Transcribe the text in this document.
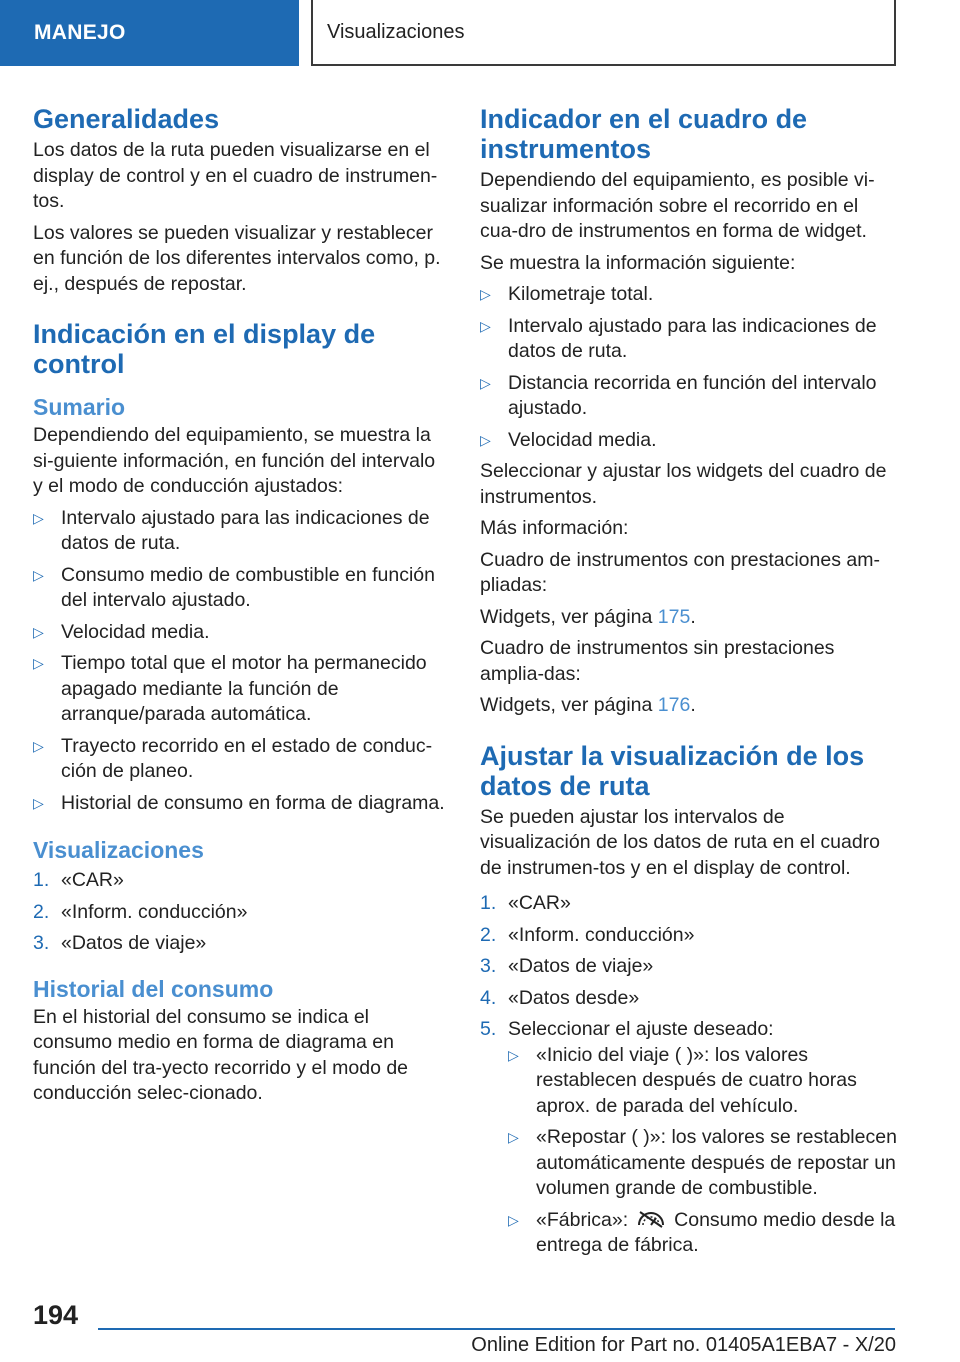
MANEJO	Visualizaciones
Generalidades

Los datos de la ruta pueden visualizarse en el display de control y en el cuadro de instrumen‐tos.

Los valores se pueden visualizar y restablecer en función de los diferentes intervalos como, p. ej., después de repostar.

Indicación en el display de control
Sumario

Dependiendo del equipamiento, se muestra la si‐guiente información, en función del intervalo y el modo de conducción ajustados:

▷ Intervalo ajustado para las indicaciones de datos de ruta.
▷ Consumo medio de combustible en función del intervalo ajustado.
▷ Velocidad media.
▷ Tiempo total que el motor ha permanecido apagado mediante la función de arranque/parada automática.
▷ Trayecto recorrido en el estado de conduc‐ción de planeo.
▷ Historial de consumo en forma de diagrama.
Visualizaciones
1. «CAR»
2. «Inform. conducción»
3. «Datos de viaje»
Historial del consumo

En el historial del consumo se indica el consumo medio en forma de diagrama en función del tra‐yecto recorrido y el modo de conducción selec‐cionado.

Indicador en el cuadro de instrumentos

Dependiendo del equipamiento, es posible vi‐sualizar información sobre el recorrido en el cua‐dro de instrumentos en forma de widget.

Se muestra la información siguiente:

▷ Kilometraje total.
▷ Intervalo ajustado para las indicaciones de datos de ruta.
▷ Distancia recorrida en función del intervalo ajustado.
▷ Velocidad media.

Seleccionar y ajustar los widgets del cuadro de instrumentos.

Más información:

Cuadro de instrumentos con prestaciones am‐pliadas:

Widgets, ver página 175.

Cuadro de instrumentos sin prestaciones amplia‐das:

Widgets, ver página 176.

Ajustar la visualización de los datos de ruta

Se pueden ajustar los intervalos de visualización de los datos de ruta en el cuadro de instrumen‐tos y en el display de control.

1. «CAR»
2. «Inform. conducción»
3. «Datos de viaje»
4. «Datos desde»
5. Seleccionar el ajuste deseado:
▷ «Inicio del viaje ( )»: los valores restablecen después de cuatro horas aprox. de parada del vehículo.
▷ «Repostar ( )»: los valores se restablecen automáticamente después de repostar un volumen grande de combustible.
▷ «Fábrica»: Consumo medio desde la entrega de fábrica.
194
Online Edition for Part no. 01405A1EBA7 - X/20
